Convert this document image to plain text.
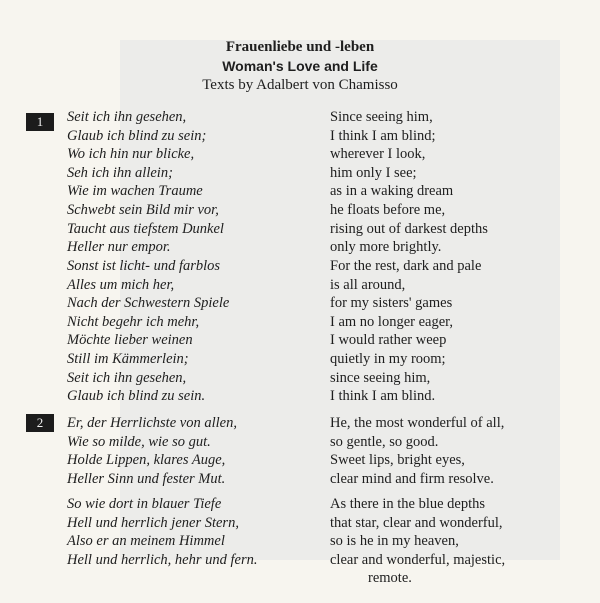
Frauenliebe und -leben
Woman's Love and Life
Texts by Adalbert von Chamisso
1	Seit ich ihn gesehen,
Glaub ich blind zu sein;
Wo ich hin nur blicke,
Seh ich ihn allein;
Wie im wachen Traume
Schwebt sein Bild mir vor,
Taucht aus tiefstem Dunkel
Heller nur empor.
Since seeing him,
I think I am blind;
wherever I look,
him only I see;
as in a waking dream
he floats before me,
rising out of darkest depths
only more brightly.
Sonst ist licht- und farblos
Alles um mich her,
Nach der Schwestern Spiele
Nicht begehr ich mehr,
Möchte lieber weinen
Still im Kämmerlein;
Seit ich ihn gesehen,
Glaub ich blind zu sein.
For the rest, dark and pale
is all around,
for my sisters' games
I am no longer eager,
I would rather weep
quietly in my room;
since seeing him,
I think I am blind.
2	Er, der Herrlichste von allen,
Wie so milde, wie so gut.
Holde Lippen, klares Auge,
Heller Sinn und fester Mut.
He, the most wonderful of all,
so gentle, so good.
Sweet lips, bright eyes,
clear mind and firm resolve.
So wie dort in blauer Tiefe
Hell und herrlich jener Stern,
Also er an meinem Himmel
Hell und herrlich, hehr und fern.
As there in the blue depths
that star, clear and wonderful,
so is he in my heaven,
clear and wonderful, majestic,
remote.
